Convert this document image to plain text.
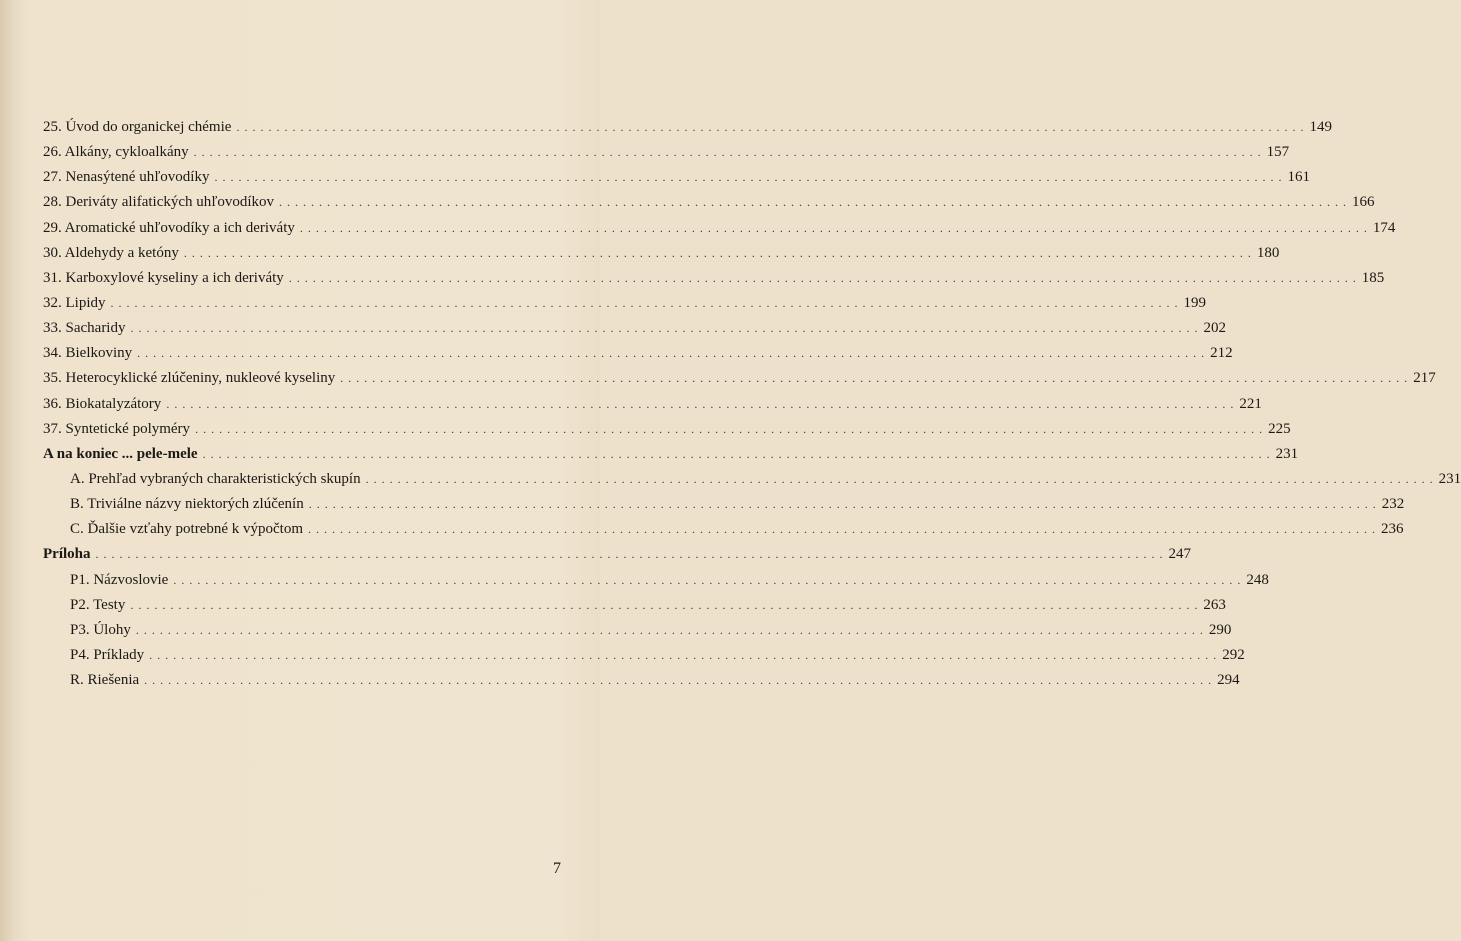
25. Úvod do organickej chémie . . . . . . . . . . . . . . . . . . . . . . . . . . . . . . . . . . . . . . . . . . . . . . . . . . . . . . . . . . . . . . . . . . . . . . . . . . . . . . . . . . . . . . . . . . . . . . . . . . . . . . . . . . . . . . . . . . . . . . . . . . . . . . . . . . . . . . 149
26. Alkány, cykloalkány . . . . . . . . . . . . . . . . . . . . . . . . . . . . . . . . . . . . . . . . . . . . . . . . . . . . . . . . . . . . . . . . . . . . . . . . . . . . . . . . . . . . . . . . . . . . . . . . . . . . . . . . . . . . . . . . . . . . . . . . . . . . . . . . . . . . . . 157
27. Nenasýtené uhľovodíky . . . . . . . . . . . . . . . . . . . . . . . . . . . . . . . . . . . . . . . . . . . . . . . . . . . . . . . . . . . . . . . . . . . . . . . . . . . . . . . . . . . . . . . . . . . . . . . . . . . . . . . . . . . . . . . . . . . . . . . . . . . . . . . . . . . . . . 161
28. Deriváty alifatických uhľovodíkov . . . . . . . . . . . . . . . . . . . . . . . . . . . . . . . . . . . . . . . . . . . . . . . . . . . . . . . . . . . . . . . . . . . . . . . . . . . . . . . . . . . . . . . . . . . . . . . . . . . . . . . . . . . . . . . . . . . . . . . . . . . . . . . . . . . . . . 166
29. Aromatické uhľovodíky a ich deriváty . . . . . . . . . . . . . . . . . . . . . . . . . . . . . . . . . . . . . . . . . . . . . . . . . . . . . . . . . . . . . . . . . . . . . . . . . . . . . . . . . . . . . . . . . . . . . . . . . . . . . . . . . . . . . . . . . . . . . . . . . . . . . . . . . . . . . . 174
30. Aldehydy a ketóny . . . . . . . . . . . . . . . . . . . . . . . . . . . . . . . . . . . . . . . . . . . . . . . . . . . . . . . . . . . . . . . . . . . . . . . . . . . . . . . . . . . . . . . . . . . . . . . . . . . . . . . . . . . . . . . . . . . . . . . . . . . . . . . . . . . . . . 180
31. Karboxylové kyseliny a ich deriváty . . . . . . . . . . . . . . . . . . . . . . . . . . . . . . . . . . . . . . . . . . . . . . . . . . . . . . . . . . . . . . . . . . . . . . . . . . . . . . . . . . . . . . . . . . . . . . . . . . . . . . . . . . . . . . . . . . . . . . . . . . . . . . . . . . . . . . 185
32. Lipidy . . . . . . . . . . . . . . . . . . . . . . . . . . . . . . . . . . . . . . . . . . . . . . . . . . . . . . . . . . . . . . . . . . . . . . . . . . . . . . . . . . . . . . . . . . . . . . . . . . . . . . . . . . . . . . . . . . . . . . . . . . . . . . . . . . . . . . 199
33. Sacharidy . . . . . . . . . . . . . . . . . . . . . . . . . . . . . . . . . . . . . . . . . . . . . . . . . . . . . . . . . . . . . . . . . . . . . . . . . . . . . . . . . . . . . . . . . . . . . . . . . . . . . . . . . . . . . . . . . . . . . . . . . . . . . . . . . . . . . . 202
34. Bielkoviny . . . . . . . . . . . . . . . . . . . . . . . . . . . . . . . . . . . . . . . . . . . . . . . . . . . . . . . . . . . . . . . . . . . . . . . . . . . . . . . . . . . . . . . . . . . . . . . . . . . . . . . . . . . . . . . . . . . . . . . . . . . . . . . . . . . . . . 212
35. Heterocyklické zlúčeniny, nukleové kyseliny . . . . . . . . . . . . . . . . . . . . . . . . . . . . . . . . . . . . . . . . . . . . . . . . . . . . . . . . . . . . . . . . . . . . . . . . . . . . . . . . . . . . . . . . . . . . . . . . . . . . . . . . . . . . . . . . . . . . . . . . . . . . . . . . . . . . . . 217
36. Biokatalyzátory . . . . . . . . . . . . . . . . . . . . . . . . . . . . . . . . . . . . . . . . . . . . . . . . . . . . . . . . . . . . . . . . . . . . . . . . . . . . . . . . . . . . . . . . . . . . . . . . . . . . . . . . . . . . . . . . . . . . . . . . . . . . . . . . . . . . . . 221
37. Syntetické polyméry . . . . . . . . . . . . . . . . . . . . . . . . . . . . . . . . . . . . . . . . . . . . . . . . . . . . . . . . . . . . . . . . . . . . . . . . . . . . . . . . . . . . . . . . . . . . . . . . . . . . . . . . . . . . . . . . . . . . . . . . . . . . . . . . . . . . . . 225
A na koniec ... pele-mele . . . . . . . . . . . . . . . . . . . . . . . . . . . . . . . . . . . . . . . . . . . . . . . . . . . . . . . . . . . . . . . . . . . . . . . . . . . . . . . . . . . . . . . . . . . . . . . . . . . . . . . . . . . . . . . . . . . . . . . . . . . . . . . . . . . . . . 231
A. Prehľad vybraných charakteristických skupín . . . . . . . . . . . . . . . . . . . . . . . . . . . . . . . . . . . . . . . . . . . . . . . . . . . . . . . . . . . . . . . . . . . . . . . . . . . . . . . . . . . . . . . . . . . . . . . . . . . . . . . . . . . . . . . . . . . . . . . . . . . . . . . . . . . . . . 231
B. Triviálne názvy niektorých zlúčenín . . . . . . . . . . . . . . . . . . . . . . . . . . . . . . . . . . . . . . . . . . . . . . . . . . . . . . . . . . . . . . . . . . . . . . . . . . . . . . . . . . . . . . . . . . . . . . . . . . . . . . . . . . . . . . . . . . . . . . . . . . . . . . . . . . . . . . 232
C. Ďalšie vzťahy potrebné k výpočtom . . . . . . . . . . . . . . . . . . . . . . . . . . . . . . . . . . . . . . . . . . . . . . . . . . . . . . . . . . . . . . . . . . . . . . . . . . . . . . . . . . . . . . . . . . . . . . . . . . . . . . . . . . . . . . . . . . . . . . . . . . . . . . . . . . . . . . 236
Príloha . . . . . . . . . . . . . . . . . . . . . . . . . . . . . . . . . . . . . . . . . . . . . . . . . . . . . . . . . . . . . . . . . . . . . . . . . . . . . . . . . . . . . . . . . . . . . . . . . . . . . . . . . . . . . . . . . . . . . . . . . . . . . . . . . . . . . . 247
P1. Názvoslovie . . . . . . . . . . . . . . . . . . . . . . . . . . . . . . . . . . . . . . . . . . . . . . . . . . . . . . . . . . . . . . . . . . . . . . . . . . . . . . . . . . . . . . . . . . . . . . . . . . . . . . . . . . . . . . . . . . . . . . . . . . . . . . . . . . . . . . 248
P2. Testy . . . . . . . . . . . . . . . . . . . . . . . . . . . . . . . . . . . . . . . . . . . . . . . . . . . . . . . . . . . . . . . . . . . . . . . . . . . . . . . . . . . . . . . . . . . . . . . . . . . . . . . . . . . . . . . . . . . . . . . . . . . . . . . . . . . . . . 263
P3. Úlohy . . . . . . . . . . . . . . . . . . . . . . . . . . . . . . . . . . . . . . . . . . . . . . . . . . . . . . . . . . . . . . . . . . . . . . . . . . . . . . . . . . . . . . . . . . . . . . . . . . . . . . . . . . . . . . . . . . . . . . . . . . . . . . . . . . . . . . 290
P4. Príklady . . . . . . . . . . . . . . . . . . . . . . . . . . . . . . . . . . . . . . . . . . . . . . . . . . . . . . . . . . . . . . . . . . . . . . . . . . . . . . . . . . . . . . . . . . . . . . . . . . . . . . . . . . . . . . . . . . . . . . . . . . . . . . . . . . . . . . 292
R. Riešenia . . . . . . . . . . . . . . . . . . . . . . . . . . . . . . . . . . . . . . . . . . . . . . . . . . . . . . . . . . . . . . . . . . . . . . . . . . . . . . . . . . . . . . . . . . . . . . . . . . . . . . . . . . . . . . . . . . . . . . . . . . . . . . . . . . . . . . 294
7
